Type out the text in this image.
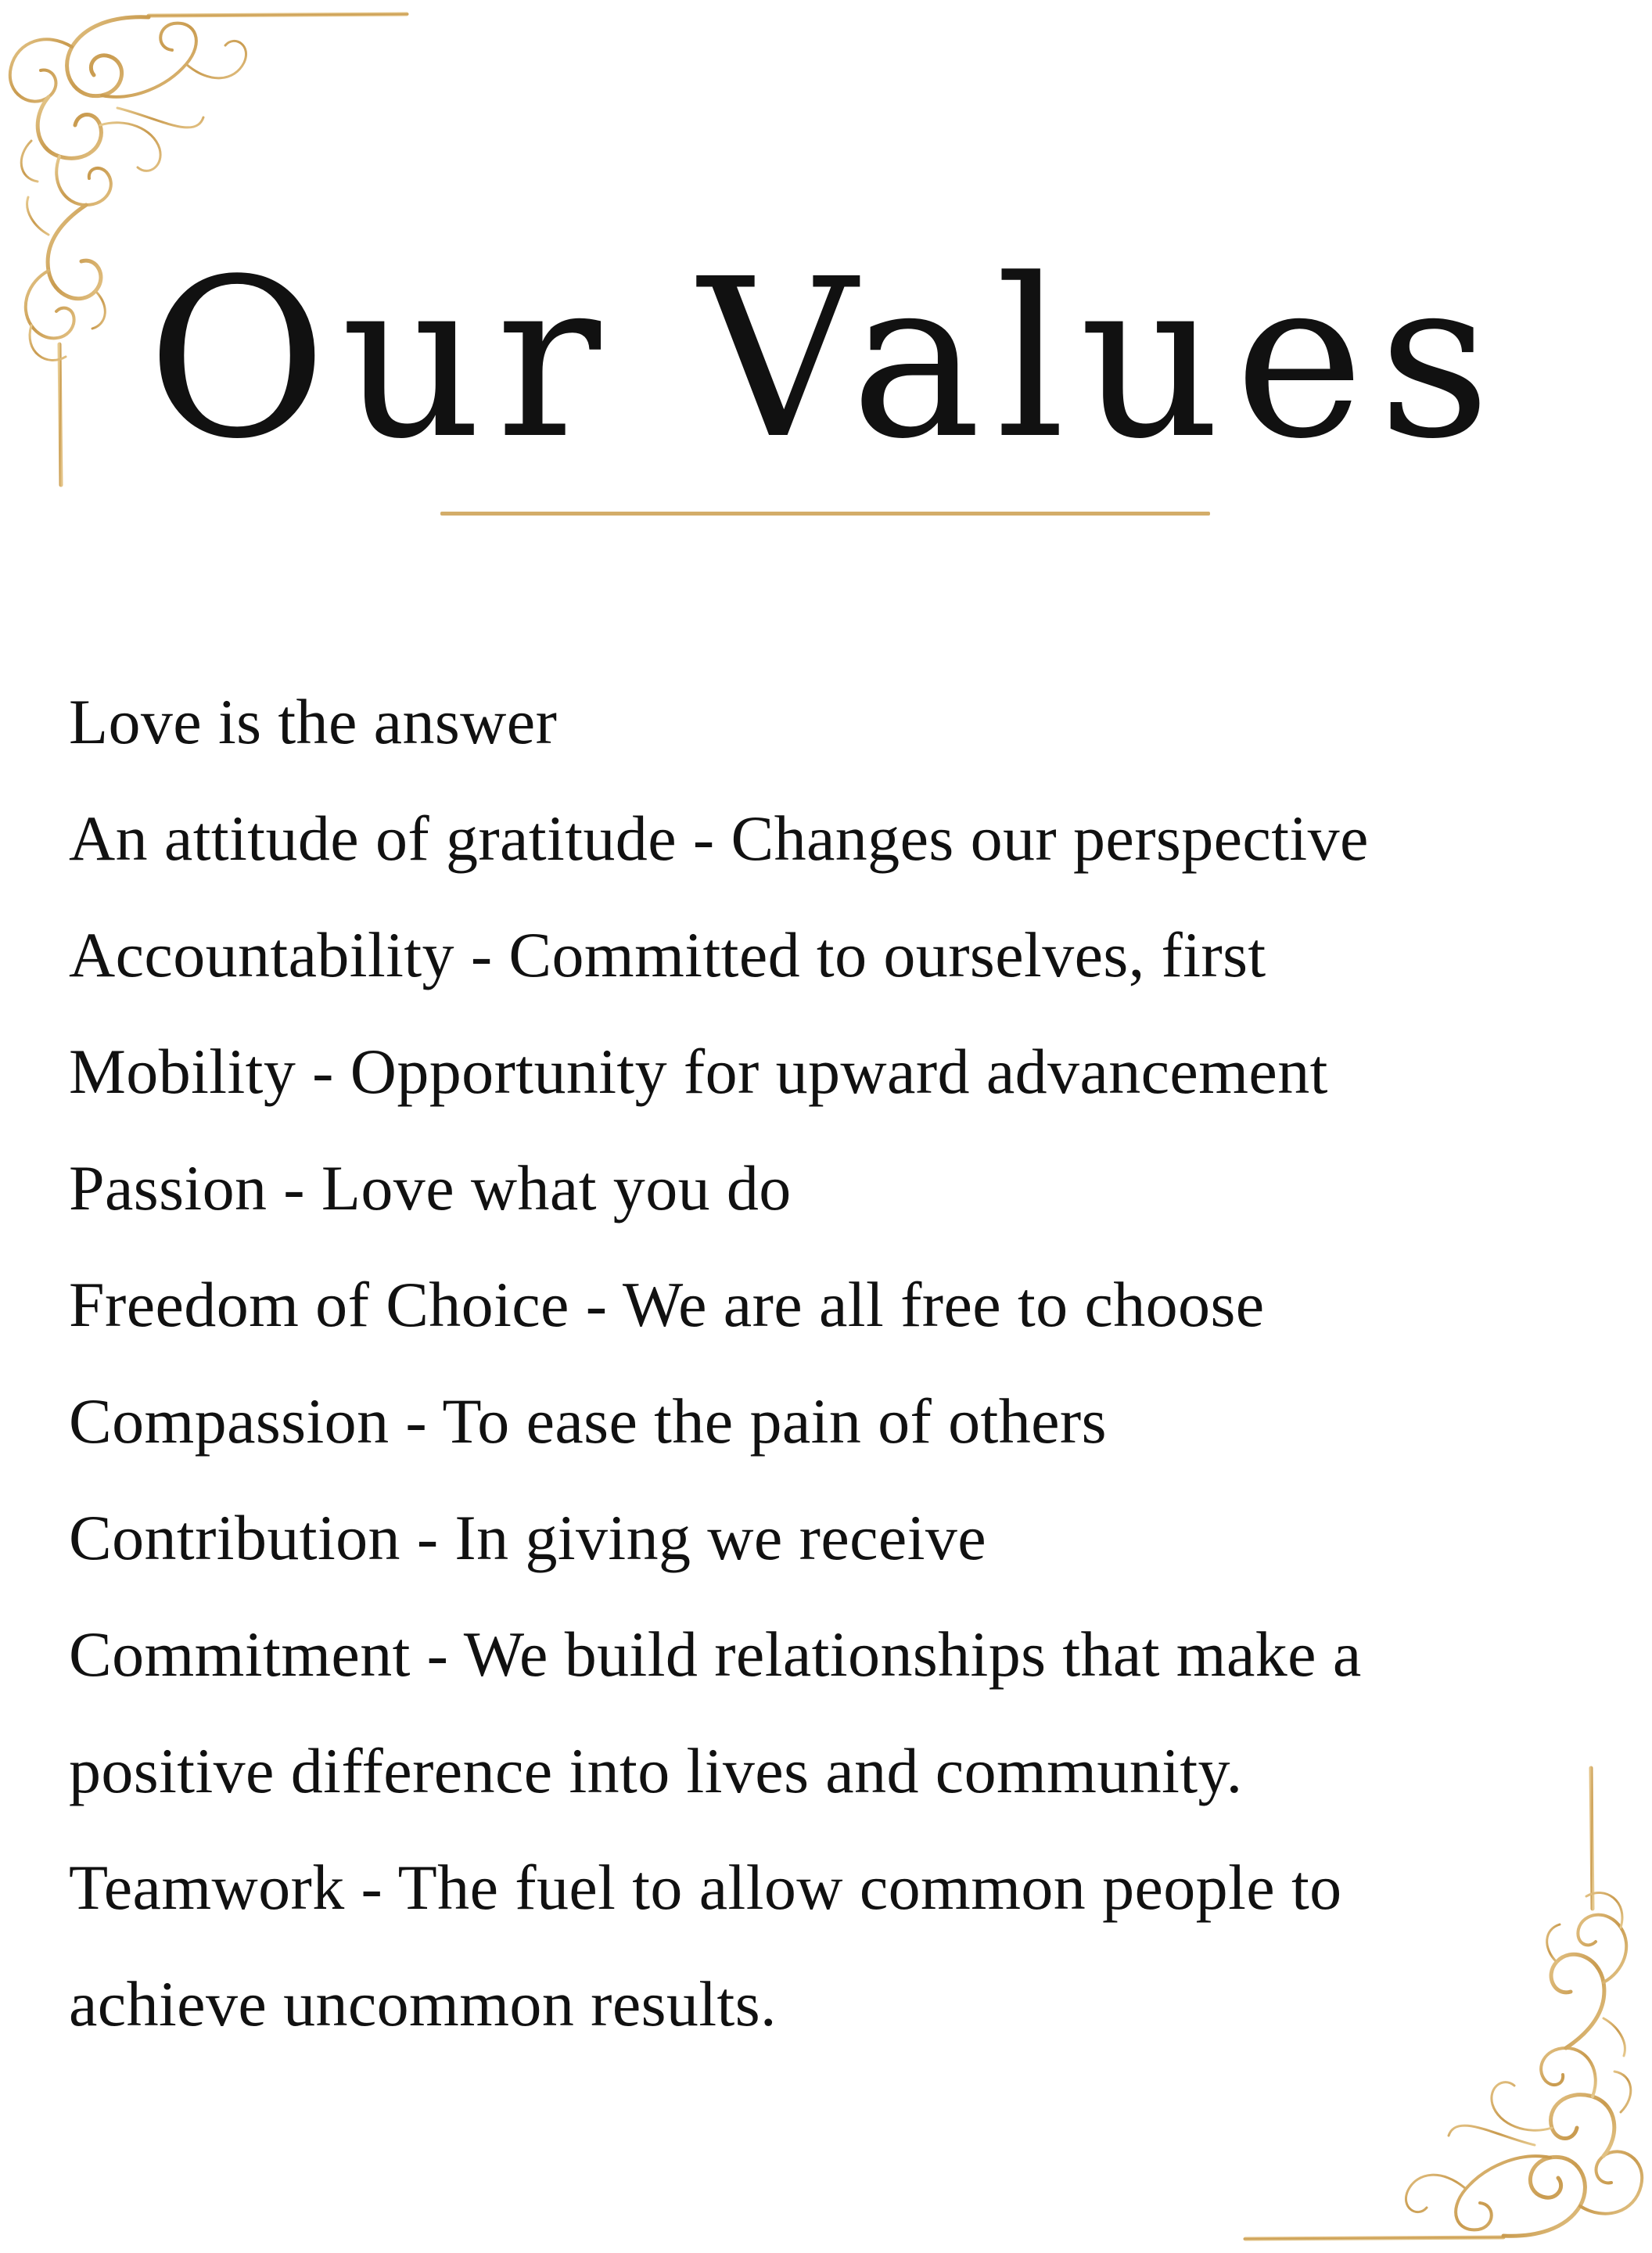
Our Values
Love is the answer
An attitude of gratitude - Changes our perspective
Accountability - Committed to ourselves, first
Mobility - Opportunity for upward advancement
Passion - Love what you do
Freedom of Choice - We are all free to choose
Compassion - To ease the pain of others
Contribution - In giving we receive
Commitment - We build relationships that make a
positive difference into lives and community.
Teamwork - The fuel to allow common people to
achieve uncommon results.
